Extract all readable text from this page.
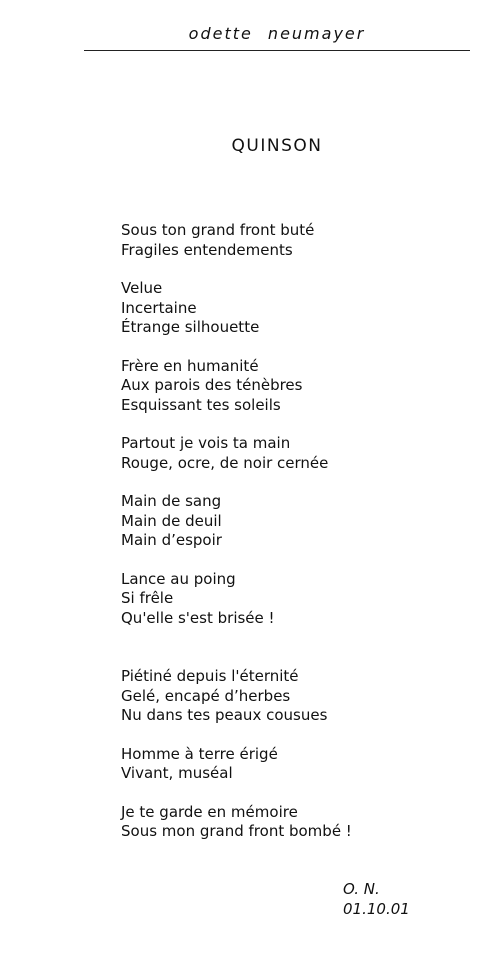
odette neumayer
QUINSON
Sous ton grand front buté
Fragiles entendements
Velue
Incertaine
Étrange silhouette
Frère en humanité
Aux parois des ténèbres
Esquissant tes soleils
Partout je vois ta main
Rouge, ocre, de noir cernée
Main de sang
Main de deuil
Main d’espoir
Lance au poing
Si frêle
Qu'elle s'est brisée !
Piétiné depuis l'éternité
Gelé, encapé d’herbes
Nu dans tes peaux cousues
Homme à terre érigé
Vivant, muséal
Je te garde en mémoire
Sous mon grand front bombé !
O. N.
01.10.01
